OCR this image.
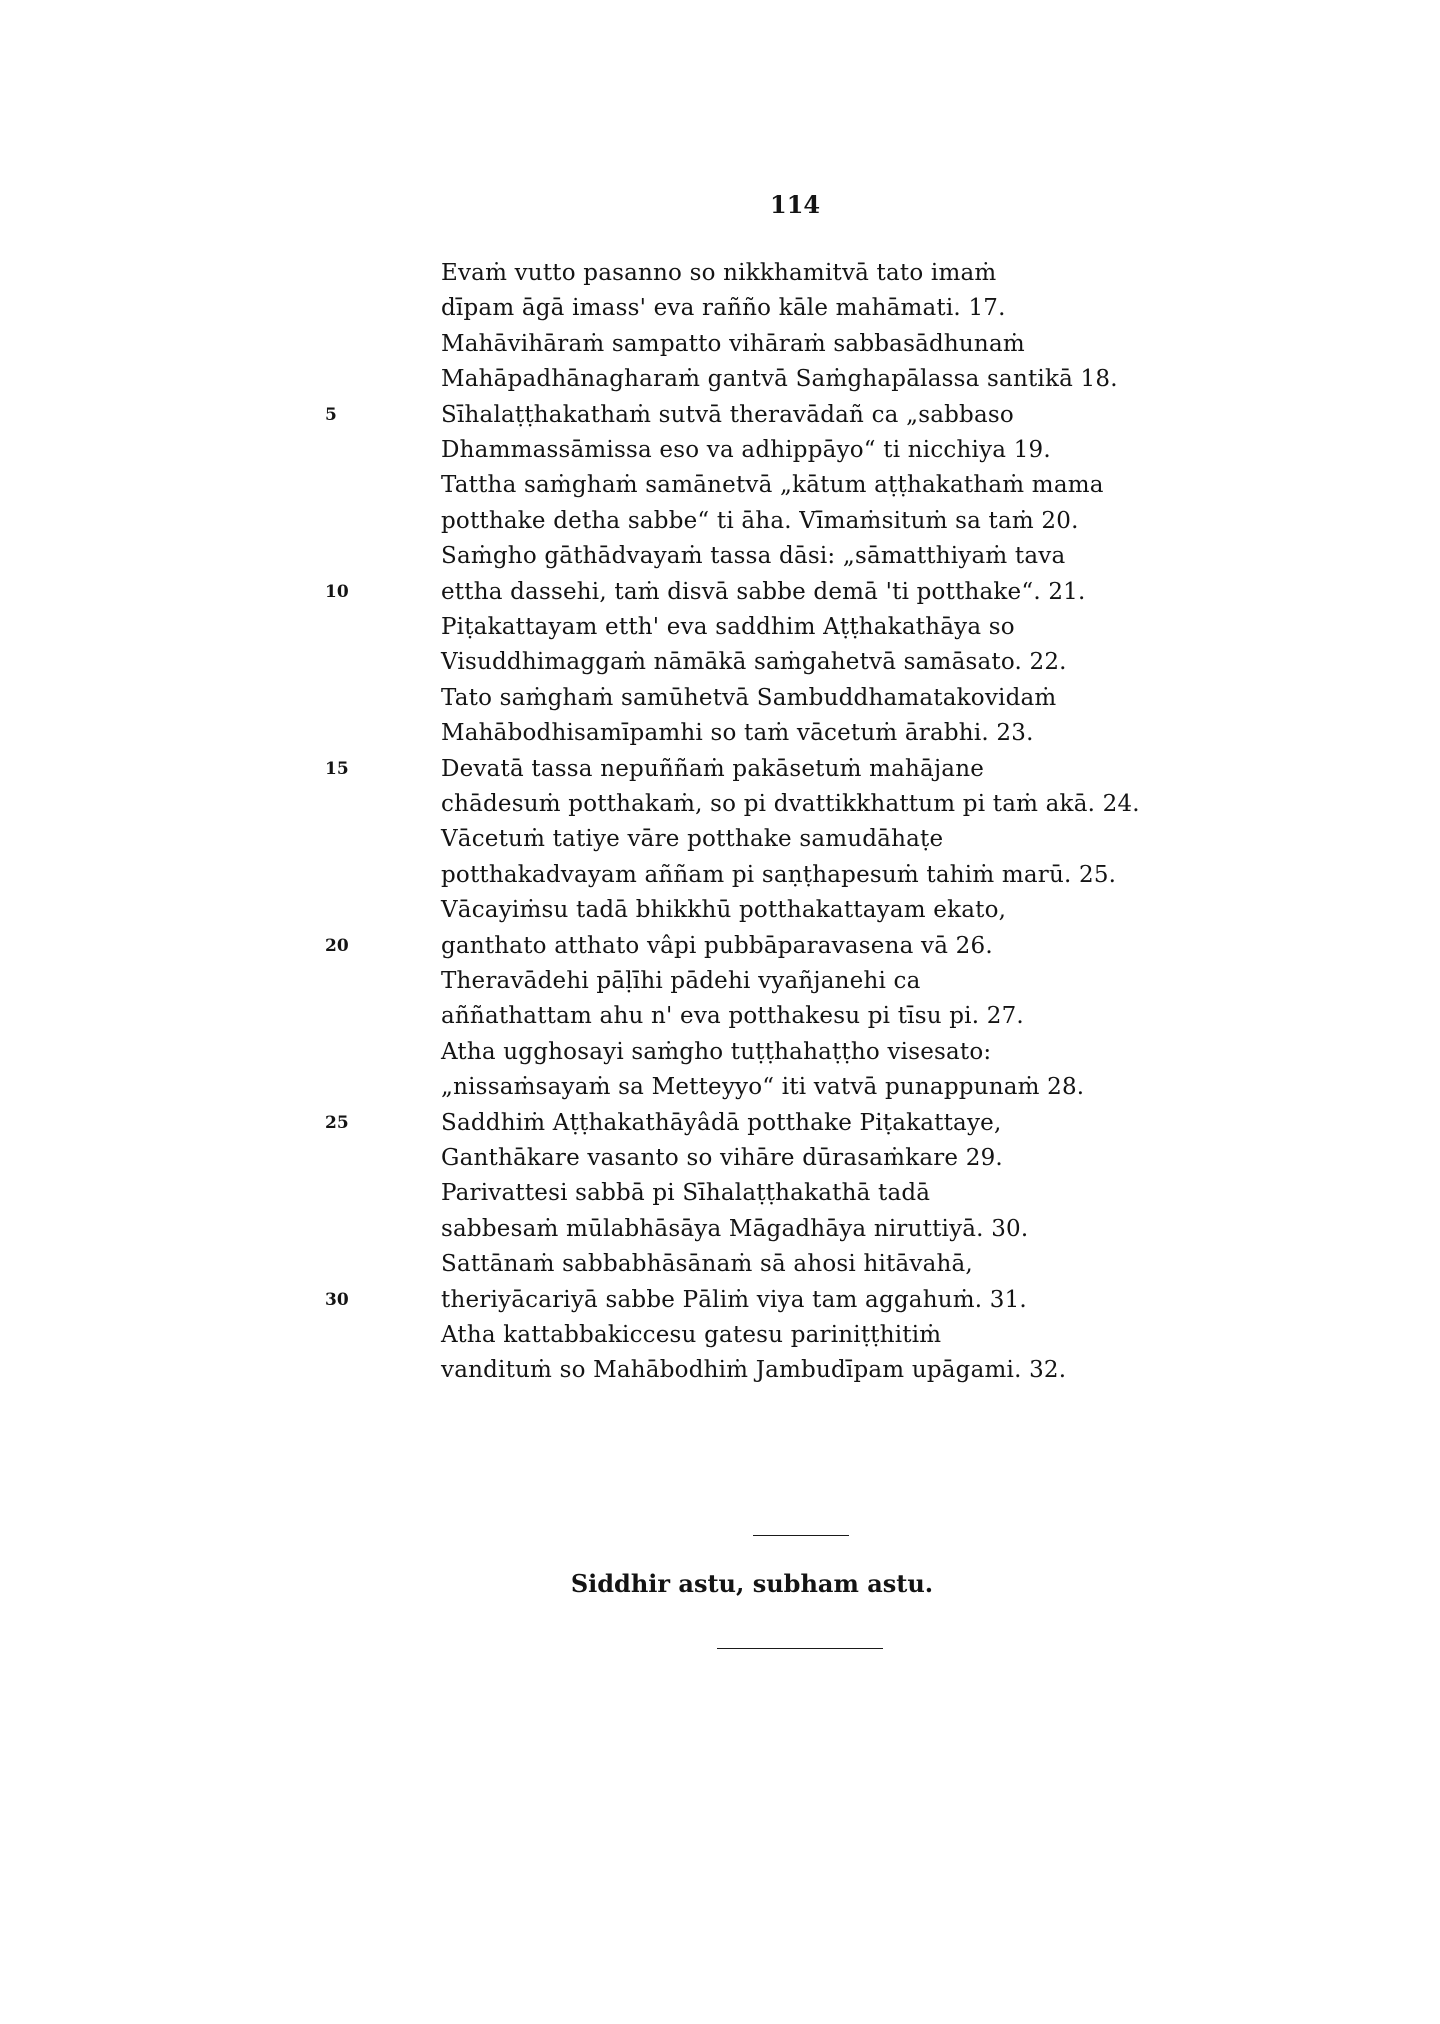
114
Evaṁ vutto pasanno so nikkhamitvā tato imaṁ
dīpam āgā imass' eva rañño kāle mahāmati. 17.
Mahāvihāraṁ sampatto vihāraṁ sabbasādhunaṁ
Mahāpadhānagharaṁ gantvā Saṁghapālassa santikā 18.
Sīhalaṭṭhakathaṁ sutvā theravādañ ca „sabbaso
Dhammassāmissa eso va adhippāyo“ ti nicchiya 19.
Tattha saṁghaṁ samānetvā „kātum aṭṭhakathaṁ mama
potthake detha sabbe“ ti āha. Vīmaṁsituṁ sa taṁ 20.
Saṁgho gāthādvayaṁ tassa dāsi: „sāmatthiyaṁ tava
ettha dassehi, taṁ disvā sabbe demā 'ti potthake“. 21.
Piṭakattayam etth' eva saddhim Aṭṭhakathāya so
Visuddhimaggaṁ nāmākā saṁgahetvā samāsato. 22.
Tato saṁghaṁ samūhetvā Sambuddhamatakovidaṁ
Mahābodhisamīpamhi so taṁ vācetuṁ ārabhi. 23.
Devatā tassa nepuññaṁ pakāsetuṁ mahājane
chādesuṁ potthakaṁ, so pi dvattikkhattum pi taṁ akā. 24.
Vācetuṁ tatiye vāre potthake samudāhaṭe
potthakadvayam aññam pi saṇṭhapesuṁ tahiṁ marū. 25.
Vācayiṁsu tadā bhikkhū potthakattayam ekato,
ganthato atthato vâpi pubbāparavasena vā 26.
Theravādehi pāḷīhi pādehi vyañjanehi ca
aññathattam ahu n' eva potthakesu pi tīsu pi. 27.
Atha ugghosayi saṁgho tuṭṭhahaṭṭho visesato:
„nissaṁsayaṁ sa Metteyyo“ iti vatvā punappunaṁ 28.
Saddhiṁ Aṭṭhakathāyâdā potthake Piṭakattaye,
Ganthākare vasanto so vihāre dūrasaṁkare 29.
Parivattesi sabbā pi Sīhalaṭṭhakathā tadā
sabbesaṁ mūlabhāsāya Māgadhāya niruttiyā. 30.
Sattānaṁ sabbabhāsānaṁ sā ahosi hitāvahā,
theriyācariyā sabbe Pāliṁ viya tam aggahuṁ. 31.
Atha kattabbakiccesu gatesu pariniṭṭhitiṁ
vandituṁ so Mahābodhiṁ Jambudīpam upāgami. 32.
5
10
15
20
25
30
Siddhir astu, subham astu.
